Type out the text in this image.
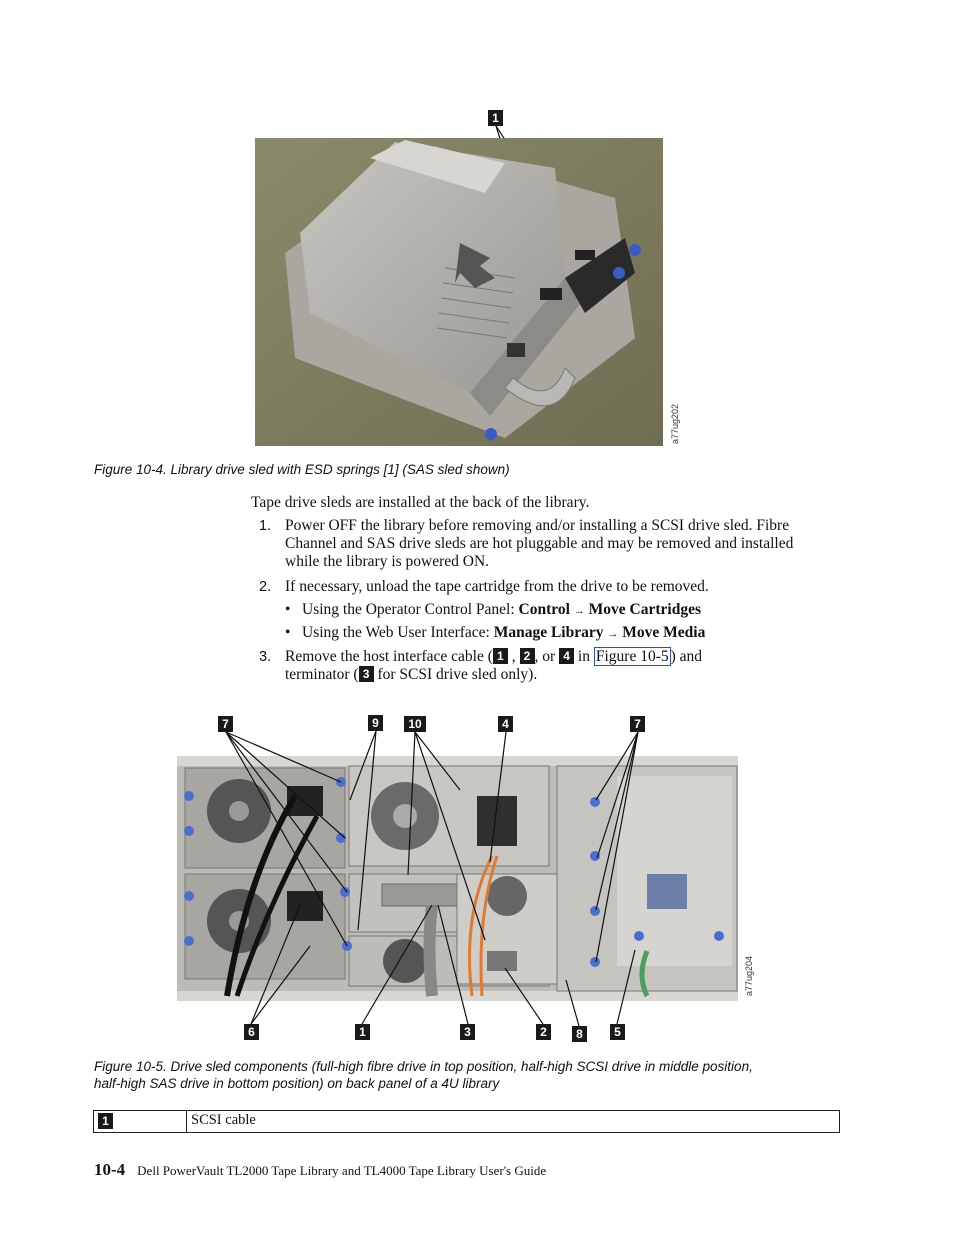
1
a77ug202
Figure 10-4. Library drive sled with ESD springs [1] (SAS sled shown)
Tape drive sleds are installed at the back of the library.
1. Power OFF the library before removing and/or installing a SCSI drive sled. Fibre Channel and SAS drive sleds are hot pluggable and may be removed and installed while the library is powered ON.
2. If necessary, unload the tape cartridge from the drive to be removed.
• Using the Operator Control Panel: Control → Move Cartridges
• Using the Web User Interface: Manage Library → Move Media
3. Remove the host interface cable ( 1 , 2 , or 4 in Figure 10-5 ) and
terminator ( 3 for SCSI drive sled only).
7	9	10	4	7
a77ug204
6	1	3	2	8	5
Figure 10-5. Drive sled components (full-high fibre drive in top position, half-high SCSI drive in middle position,
half-high SAS drive in bottom position) on back panel of a 4U library
1	SCSI cable
10-4 Dell PowerVault TL2000 Tape Library and TL4000 Tape Library User's Guide
